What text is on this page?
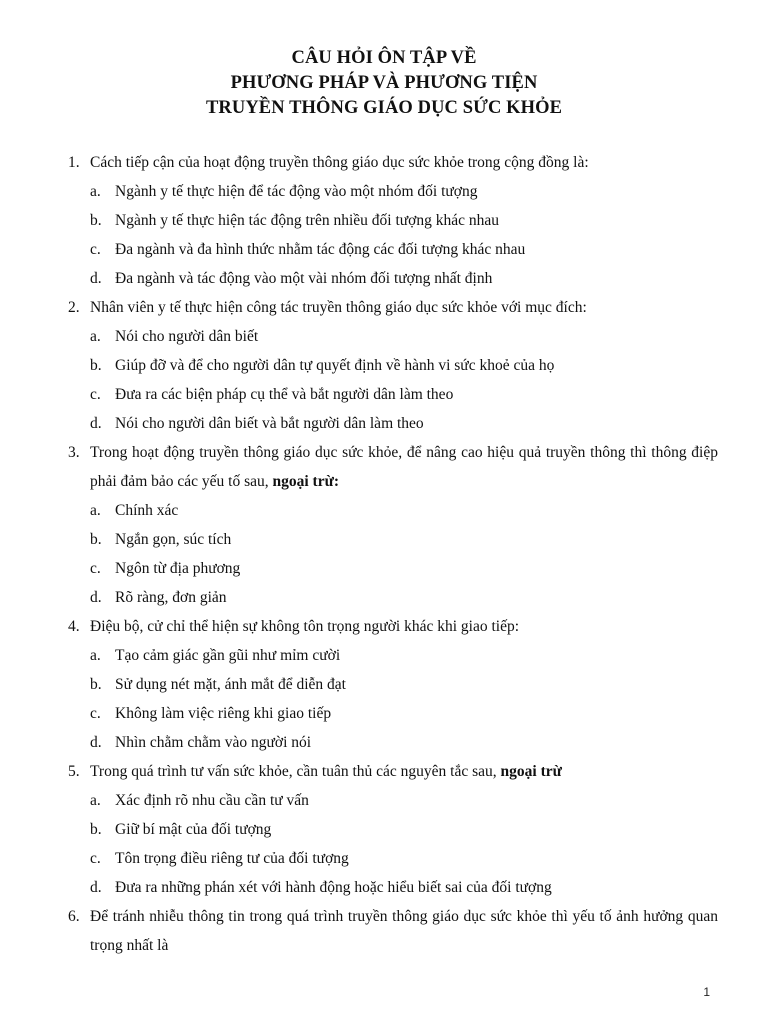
CÂU HỎI ÔN TẬP VỀ
PHƯƠNG PHÁP VÀ PHƯƠNG TIỆN
TRUYỀN THÔNG GIÁO DỤC SỨC KHỎE
1. Cách tiếp cận của hoạt động truyền thông giáo dục sức khỏe trong cộng đồng là:
a. Ngành y tế thực hiện để tác động vào một nhóm đối tượng
b. Ngành y tế thực hiện tác động trên nhiều đối tượng khác nhau
c. Đa ngành và đa hình thức nhằm tác động các đối tượng khác nhau
d. Đa ngành và tác động vào một vài nhóm đối tượng nhất định
2. Nhân viên y tế thực hiện công tác truyền thông giáo dục sức khỏe với mục đích:
a. Nói cho người dân biết
b. Giúp đỡ và để cho người dân tự quyết định về hành vi sức khoẻ của họ
c. Đưa ra các biện pháp cụ thể và bắt người dân làm theo
d. Nói cho người dân biết và bắt người dân làm theo
3. Trong hoạt động truyền thông giáo dục sức khỏe, để nâng cao hiệu quả truyền thông thì thông điệp phải đảm bảo các yếu tố sau, ngoại trừ:
a. Chính xác
b. Ngắn gọn, súc tích
c. Ngôn từ địa phương
d. Rõ ràng, đơn giản
4. Điệu bộ, cử chỉ thể hiện sự không tôn trọng người khác khi giao tiếp:
a. Tạo cảm giác gần gũi như mỉm cười
b. Sử dụng nét mặt, ánh mắt để diễn đạt
c. Không làm việc riêng khi giao tiếp
d. Nhìn chằm chằm vào người nói
5. Trong quá trình tư vấn sức khỏe, cần tuân thủ các nguyên tắc sau, ngoại trừ
a. Xác định rõ nhu cầu cần tư vấn
b. Giữ bí mật của đối tượng
c. Tôn trọng điều riêng tư của đối tượng
d. Đưa ra những phán xét với hành động hoặc hiểu biết sai của đối tượng
6. Để tránh nhiễu thông tin trong quá trình truyền thông giáo dục sức khỏe thì yếu tố ảnh hưởng quan trọng nhất là
1
